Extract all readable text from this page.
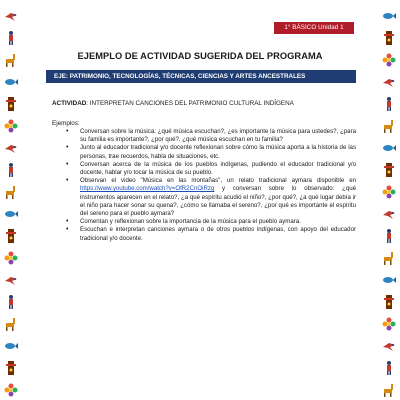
1° BÁSICO Unidad 1
EJEMPLO DE ACTIVIDAD SUGERIDA DEL PROGRAMA
EJE: PATRIMONIO, TECNOLOGÍAS, TÉCNICAS, CIENCIAS Y ARTES ANCESTRALES
ACTIVIDAD: INTERPRETAN CANCIONES DEL PATRIMONIO CULTURAL INDÍGENA
Ejemplos:
• Conversan sobre la música: ¿qué música escuchan?, ¿es importante la música para ustedes?, ¿para su familia es importante?, ¿por qué?, ¿qué música escuchan en tu familia?
• Junto al educador tradicional y/o docente reflexionan sobre cómo la música aporta a la historia de las personas, trae recuerdos, habla de situaciones, etc.
• Conversan acerca de la música de los pueblos indígenas, pudiendo el educador tradicional y/o docente, hablar y/o tocar la música de su pueblo.
• Observan el video "Música en las montañas", un relato tradicional aymara disponible en https://www.youtube.com/watch?v=OfR2CnOiRzg y conversan sobre lo observado: ¿qué instrumentos aparecen en el relato?, ¿a qué espíritu acudió el niño?, ¿por qué?, ¿a qué lugar debía ir el niño para hacer sonar su quena?, ¿cómo se llamaba el sereno?, ¿por qué es importante el espíritu del sereno para el pueblo aymara?
• Comentan y reflexionan sobre la importancia de la música para el pueblo aymara.
• Escuchan e interpretan canciones aymara o de otros pueblos indígenas, con apoyo del educador tradicional y/o docente.
